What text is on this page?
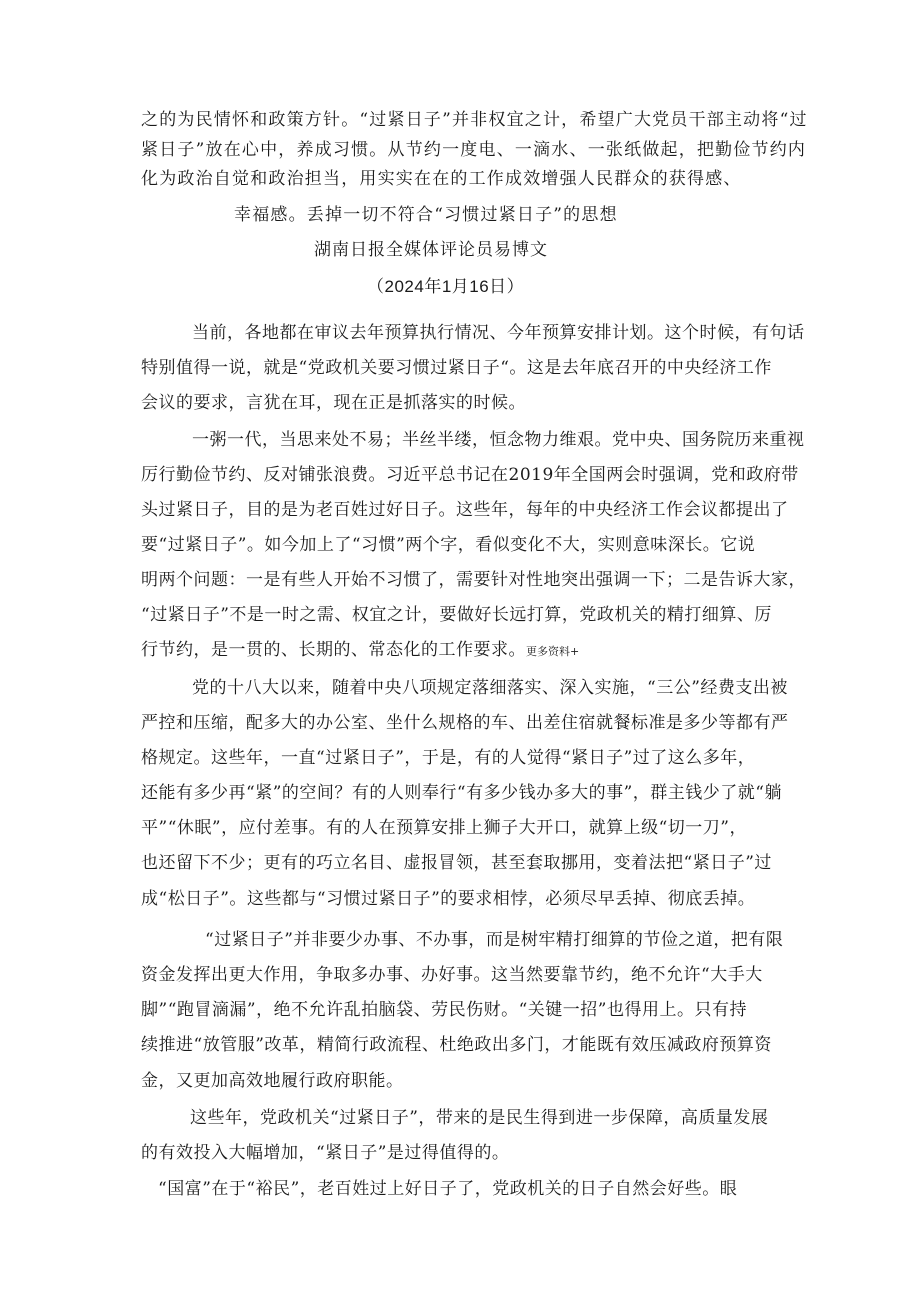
之的为民情怀和政策方针。“过紧日子”并非权宜之计，希望广大党员干部主动将“过
紧日子”放在心中，养成习惯。从节约一度电、一滴水、一张纸做起，把勤俭节约内
化为政治自觉和政治担当，用实实在在的工作成效增强人民群众的获得感、
幸福感。丢掉一切不符合“习惯过紧日子”的思想
湖南日报全媒体评论员易博文
（2024年1月16日）
当前，各地都在审议去年预算执行情况、今年预算安排计划。这个时候，有句话
特别值得一说，就是“党政机关要习惯过紧日子“。这是去年底召开的中央经济工作
会议的要求，言犹在耳，现在正是抓落实的时候。
一粥一代，当思来处不易；半丝半缕，恒念物力维艰。党中央、国务院历来重视
厉行勤俭节约、反对铺张浪费。习近平总书记在2019年全国两会时强调，党和政府带
头过紧日子，目的是为老百姓过好日子。这些年，每年的中央经济工作会议都提出了
要“过紧日子”。如今加上了“习惯”两个字，看似变化不大，实则意味深长。它说
明两个问题：一是有些人开始不习惯了，需要针对性地突出强调一下；二是告诉大家，
“过紧日子”不是一时之需、权宜之计，要做好长远打算，党政机关的精打细算、厉
行节约，是一贯的、长期的、常态化的工作要求。更多资料+
党的十八大以来，随着中央八项规定落细落实、深入实施，“三公”经费支出被
严控和压缩，配多大的办公室、坐什么规格的车、出差住宿就餐标准是多少等都有严
格规定。这些年，一直“过紧日子”，于是，有的人觉得“紧日子”过了这么多年，
还能有多少再“紧”的空间？有的人则奉行“有多少钱办多大的事”，群主钱少了就“躺
平”“休眠”，应付差事。有的人在预算安排上狮子大开口，就算上级“切一刀”，
也还留下不少；更有的巧立名目、虚报冒领，甚至套取挪用，变着法把“紧日子”过
成“松日子”。这些都与“习惯过紧日子”的要求相悖，必须尽早丢掉、彻底丢掉。
“过紧日子”并非要少办事、不办事，而是树牢精打细算的节俭之道，把有限
资金发挥出更大作用，争取多办事、办好事。这当然要靠节约，绝不允许“大手大
脚”“跑冒滴漏”，绝不允许乱拍脑袋、劳民伤财。“关键一招”也得用上。只有持
续推进“放管服”改革，精简行政流程、杜绝政出多门，才能既有效压减政府预算资
金，又更加高效地履行政府职能。
这些年，党政机关“过紧日子”，带来的是民生得到进一步保障，高质量发展
的有效投入大幅增加，“紧日子”是过得值得的。
“国富”在于“裕民”，老百姓过上好日子了，党政机关的日子自然会好些。眼
